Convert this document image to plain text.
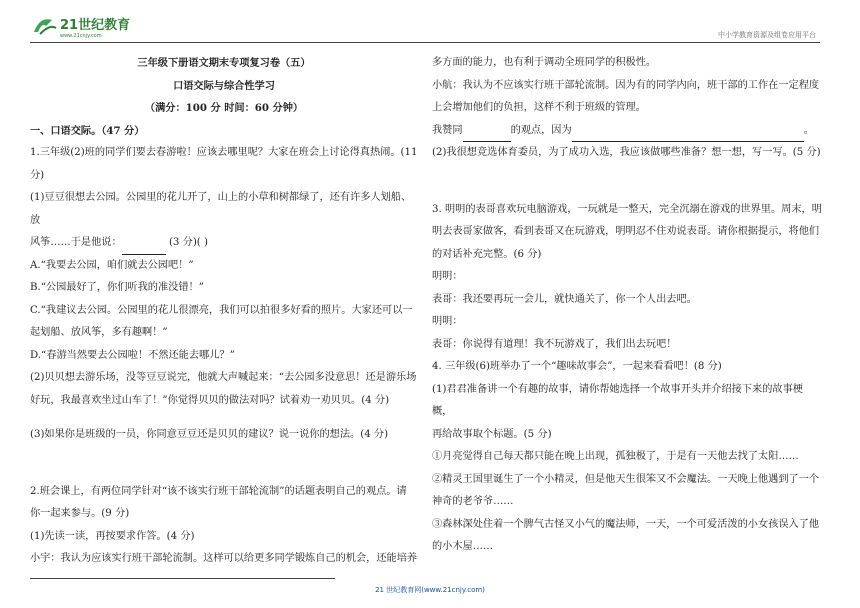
21世纪教育
www.21cnjy.com	中小学教育资源及组卷应用平台

三年级下册语文期末专项复习卷（五）

口语交际与综合性学习

（满分：100 分 时间：60 分钟）

一、口语交际。（47 分）

1.三年级(2)班的同学们要去春游啦！应该去哪里呢？大家在班会上讨论得真热闹。(11

分)

(1)豆豆很想去公园。公园里的花儿开了，山上的小草和树都绿了，还有许多人划船、放

风筝……于是他说：	(3 分)( )

A.“我要去公园，咱们就去公园吧！”

B.“公园最好了，你们听我的准没错！”

C.“我建议去公园。公园里的花儿很漂亮，我们可以拍很多好看的照片。大家还可以一

起划船、放风筝，多有趣啊！”

D.“春游当然要去公园啦！不然还能去哪儿？”

(2)贝贝想去游乐场，没等豆豆说完，他就大声喊起来：“去公园多没意思！还是游乐场

好玩，我最喜欢坐过山车了！”你觉得贝贝的做法对吗？试着劝一劝贝贝。(4 分)

(3)如果你是班级的一员，你同意豆豆还是贝贝的建议？说一说你的想法。(4 分)

2.班会课上，有两位同学针对“该不该实行班干部轮流制”的话题表明自己的观点。请

你一起来参与。(9 分)

(1)先读一读，再按要求作答。(4 分)

小宇：我认为应该实行班干部轮流制。这样可以给更多同学锻炼自己的机会，还能培养

多方面的能力，也有利于调动全班同学的积极性。

小航：我认为不应该实行班干部轮流制。因为有的同学内向，班干部的工作在一定程度

上会增加他们的负担，这样不利于班级的管理。

我赞同	的观点，因为	。

(2)我很想竞选体育委员，为了成功入选，我应该做哪些准备？想一想，写一写。(5 分)

3. 明明的表哥喜欢玩电脑游戏，一玩就是一整天，完全沉溺在游戏的世界里。周末，明

明去表哥家做客，看到表哥又在玩游戏，明明忍不住劝说表哥。请你根据提示，将他们

的对话补充完整。(6 分)

明明：

表哥：我还要再玩一会儿，就快通关了，你一个人出去吧。

明明：

表哥：你说得有道理！我不玩游戏了，我们出去玩吧！

4. 三年级(6)班举办了一个“趣味故事会”，一起来看看吧！(8 分)

(1)君君准备讲一个有趣的故事，请你帮她选择一个故事开头并介绍接下来的故事梗概，

再给故事取个标题。(5 分)

①月亮觉得自己每天都只能在晚上出现，孤独极了，于是有一天他去找了太阳……

②精灵王国里诞生了一个小精灵，但是他天生很笨又不会魔法。一天晚上他遇到了一个

神奇的老爷爷……

③森林深处住着一个脾气古怪又小气的魔法师，一天，一个可爱活泼的小女孩误入了他

的小木屋……

21 世纪教育网(www.21cnjy.com)
